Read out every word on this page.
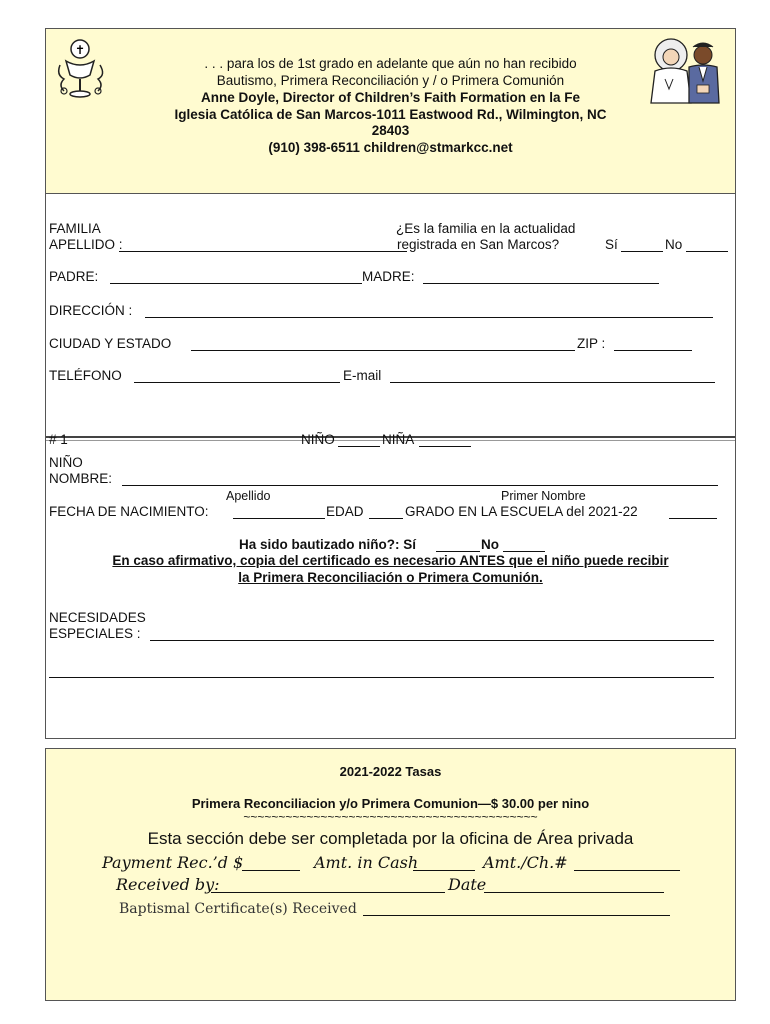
✝
. . . para los de 1st grado en adelante que aún no han recibido
Bautismo, Primera Reconciliación y / o Primera Comunión
Anne Doyle, Director of Children’s Faith Formation en la Fe
Iglesia Católica de San Marcos-1011 Eastwood Rd., Wilmington, NC
28403
(910) 398-6511 children@stmarkcc.net
FAMILIA
APELLIDO :
¿Es la familia en la actualidad
registrada en San Marcos?	Sí	No
PADRE:	MADRE:
DIRECCIÓN :
CIUDAD Y ESTADO	ZIP :
TELÉFONO	E-mail
# 1	NIÑO	NIÑA
NIÑO
NOMBRE:
Apellido	Primer Nombre
FECHA DE NACIMIENTO:	EDAD	GRADO EN LA ESCUELA del 2021-22
Ha sido bautizado niño?: Sí	No
En caso afirmativo, copia del certificado es necesario ANTES que el niño puede recibir
la Primera Reconciliación o Primera Comunión.
NECESIDADES
ESPECIALES :
2021-2022 Tasas
Primera Reconciliacion y/o Primera Comunion—$ 30.00 per nino
~~~~~~~~~~~~~~~~~~~~~~~~~~~~~~~~~~~~~~~~~~
Esta sección debe ser completada por la oficina de Área privada
Payment Rec.’d $	Amt. in Cash	Amt./Ch.#
Received by:	Date
Baptismal Certificate(s) Received
